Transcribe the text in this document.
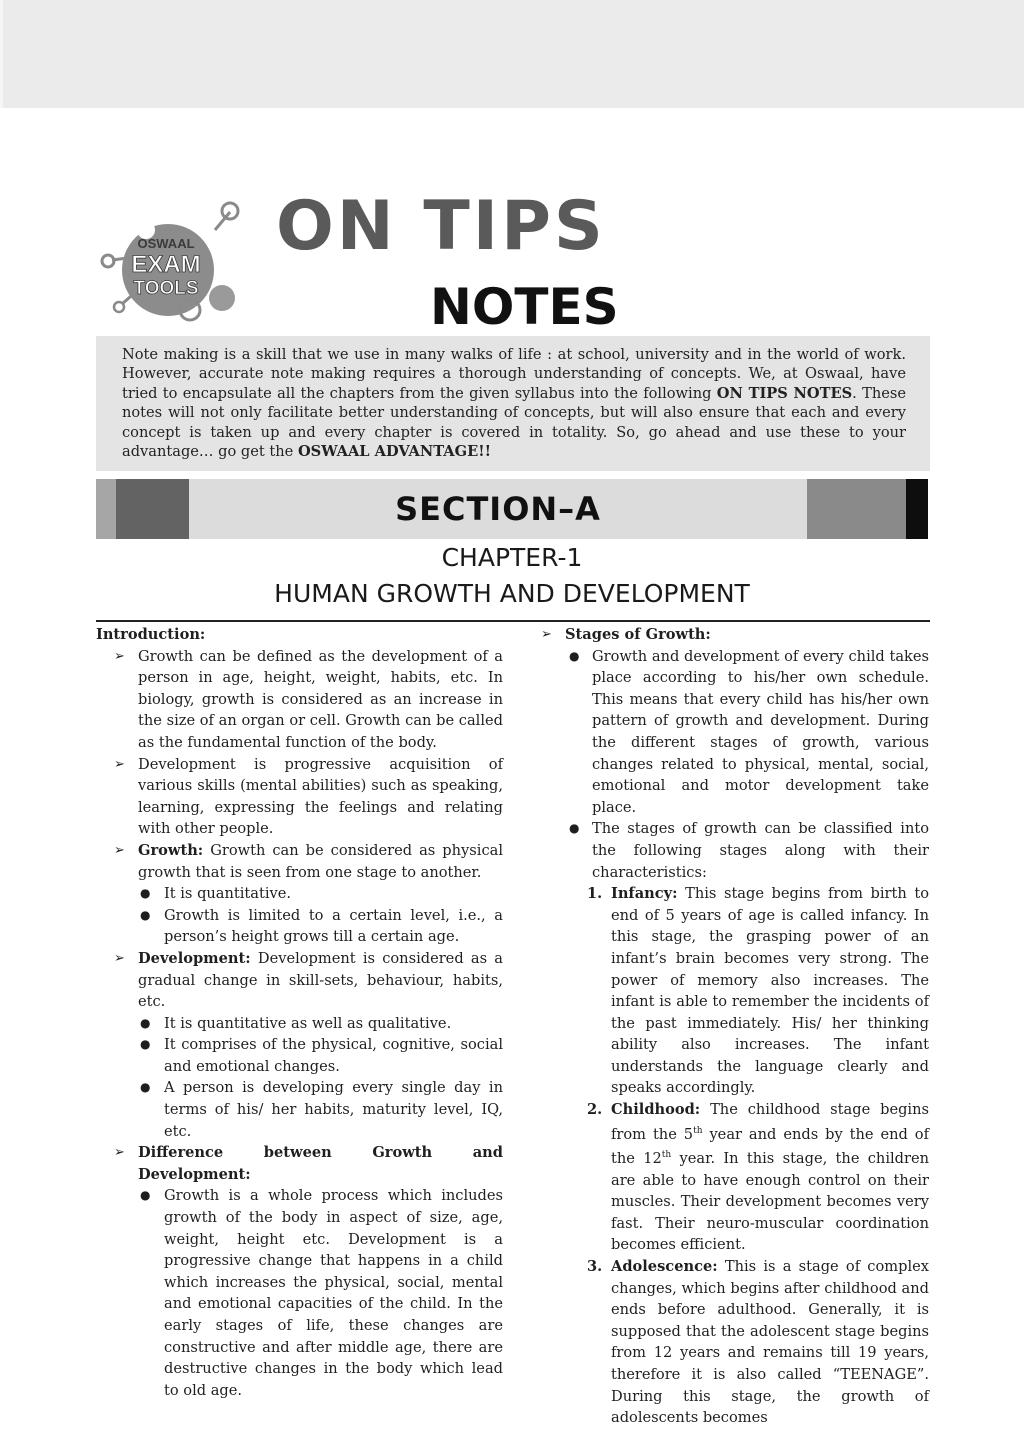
OSWAAL
EXAM
TOOLS
ON TIPS
NOTES

Note making is a skill that we use in many walks of life : at school, university and in the world of work. However, accurate note making requires a thorough understanding of concepts. We, at Oswaal, have tried to encapsulate all the chapters from the given syllabus into the following ON TIPS NOTES. These notes will not only facilitate better understanding of concepts, but will also ensure that each and every concept is taken up and every chapter is covered in totality. So, go ahead and use these to your advantage… go get the OSWAAL ADVANTAGE!!

SECTION–A
CHAPTER-1
HUMAN GROWTH AND DEVELOPMENT

Introduction:

➢ Growth can be defined as the development of a person in age, height, weight, habits, etc. In biology, growth is considered as an increase in the size of an organ or cell. Growth can be called as the fundamental function of the body.

➢ Development is progressive acquisition of various skills (mental abilities) such as speaking, learning, expressing the feelings and relating with other people.

➢ Growth: Growth can be considered as physical growth that is seen from one stage to another.

● It is quantitative.

● Growth is limited to a certain level, i.e., a person’s height grows till a certain age.

➢ Development: Development is considered as a gradual change in skill-sets, behaviour, habits, etc.

● It is quantitative as well as qualitative.

● It comprises of the physical, cognitive, social and emotional changes.

● A person is developing every single day in terms of his/ her habits, maturity level, IQ, etc.

➢ Difference between Growth and Development:

● Growth is a whole process which includes growth of the body in aspect of size, age, weight, height etc. Development is a progressive change that happens in a child which increases the physical, social, mental and emotional capacities of the child. In the early stages of life, these changes are constructive and after middle age, there are destructive changes in the body which lead to old age.

➢ Stages of Growth:

● Growth and development of every child takes place according to his/her own schedule. This means that every child has his/her own pattern of growth and development. During the different stages of growth, various changes related to physical, mental, social, emotional and motor development take place.

● The stages of growth can be classified into the following stages along with their characteristics:

1. Infancy: This stage begins from birth to end of 5 years of age is called infancy. In this stage, the grasping power of an infant’s brain becomes very strong. The power of memory also increases. The infant is able to remember the incidents of the past immediately. His/ her thinking ability also increases. The infant understands the language clearly and speaks accordingly.

2. Childhood: The childhood stage begins from the 5th year and ends by the end of the 12th year. In this stage, the children are able to have enough control on their muscles. Their development becomes very fast. Their neuro-muscular coordination becomes efficient.

3. Adolescence: This is a stage of complex changes, which begins after childhood and ends before adulthood. Generally, it is supposed that the adolescent stage begins from 12 years and remains till 19 years, therefore it is also called “TEENAGE”. During this stage, the growth of adolescents becomes
